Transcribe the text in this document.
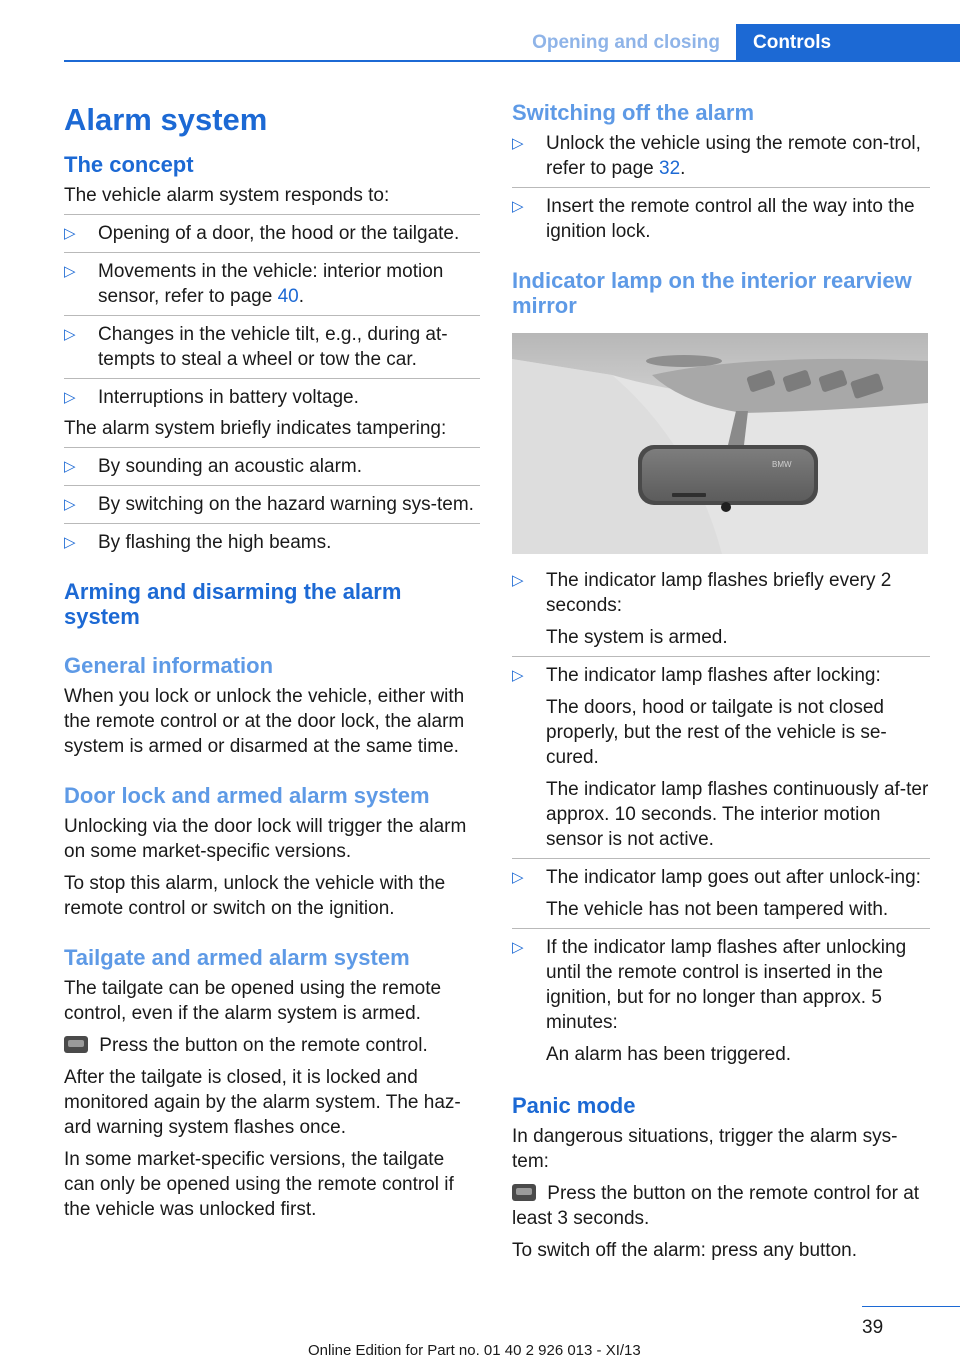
Opening and closing	Controls
Alarm system
The concept

The vehicle alarm system responds to:

▷ Opening of a door, the hood or the tailgate.
▷ Movements in the vehicle: interior motion sensor, refer to page 40.
▷ Changes in the vehicle tilt, e.g., during at-tempts to steal a wheel or tow the car.
▷ Interruptions in battery voltage.

The alarm system briefly indicates tampering:

▷ By sounding an acoustic alarm.
▷ By switching on the hazard warning sys-tem.
▷ By flashing the high beams.
Arming and disarming the alarm system
General information

When you lock or unlock the vehicle, either with the remote control or at the door lock, the alarm system is armed or disarmed at the same time.

Door lock and armed alarm system

Unlocking via the door lock will trigger the alarm on some market-specific versions.

To stop this alarm, unlock the vehicle with the remote control or switch on the ignition.

Tailgate and armed alarm system

The tailgate can be opened using the remote control, even if the alarm system is armed.

Press the button on the remote control.

After the tailgate is closed, it is locked and monitored again by the alarm system. The haz-ard warning system flashes once.

In some market-specific versions, the tailgate can only be opened using the remote control if the vehicle was unlocked first.

Switching off the alarm
▷ Unlock the vehicle using the remote con-trol, refer to page 32.
▷ Insert the remote control all the way into the ignition lock.
Indicator lamp on the interior rearview mirror
BMW
▷ The indicator lamp flashes briefly every 2 seconds:
The system is armed.
▷ The indicator lamp flashes after locking:
The doors, hood or tailgate is not closed properly, but the rest of the vehicle is se-cured.
The indicator lamp flashes continuously af-ter approx. 10 seconds. The interior motion sensor is not active.
▷ The indicator lamp goes out after unlock-ing:
The vehicle has not been tampered with.
▷ If the indicator lamp flashes after unlocking until the remote control is inserted in the ignition, but for no longer than approx. 5 minutes:
An alarm has been triggered.
Panic mode

In dangerous situations, trigger the alarm sys-tem:

Press the button on the remote control for at least 3 seconds.

To switch off the alarm: press any button.

39
Online Edition for Part no. 01 40 2 926 013 - XI/13
